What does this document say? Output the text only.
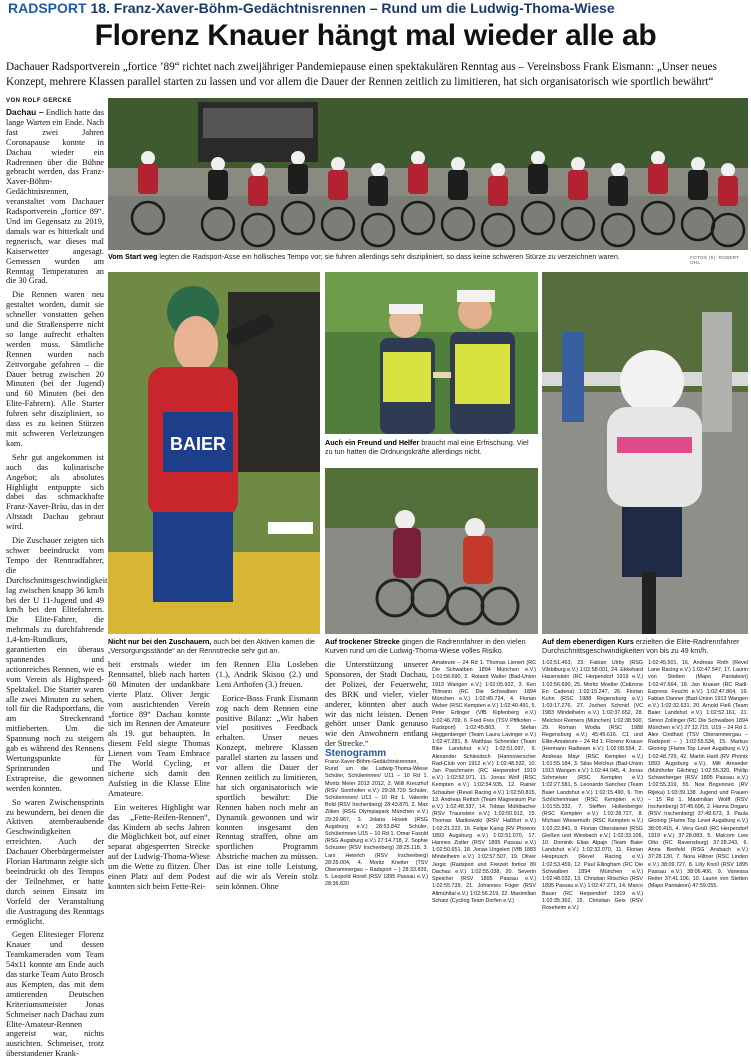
RADSPORT 18. Franz-Xaver-Böhm-Gedächtnisrennen – Rund um die Ludwig-Thoma-Wiese
Florenz Knauer hängt mal wieder alle ab
Dachauer Radsportverein „fortice ’89“ richtet nach zweijähriger Pandemiepause einen spektakulären Renntag aus – Vereinsboss Frank Eismann: „Unser neues Konzept, mehrere Klassen parallel starten zu lassen und vor allem die Dauer der Rennen zeitlich zu limitieren, hat sich organisatorisch wie sportlich bewährt“
VON ROLF GERCKE

Dachau – Endlich hatte das lange Warten ein Ende. Nach fast zwei Jahren Coronapause konnte in Dachau wieder ein Radrennen über die Bühne gebracht werden, das Franz-Xaver-Böhm-Gedächtnisrennen, veranstaltet vom Dachauer Radsportverein „fortice 89“. Und im Gegensatz zu 2019, damals war es bitterkalt und regnerisch, war dieses mal Kaiserwetter angesagt. Gemessen wurden am Renntag Temperaturen an die 30 Grad.

Die Rennen waren neu gestaltet worden, damit sie schneller vonstatten gehen und die Straßensperre nicht so lange aufrecht erhalten werden muss. Sämtliche Rennen wurden nach Zeitvorgabe gefahren – die Dauer betrug zwischen 20 Minuten (bei der Jugend) und 60 Minuten (bei den Elite-Fahrern). Alle Starter fuhren sehr diszipliniert, so dass es zu keinen Stürzen mit schweren Verletzungen kam.

Sehr gut angekommen ist auch das kulinarische Angebot; als absolutes Highlight entpuppte sich dabei das schmackhafte Franz-Xaver-Bräu, das in der Altstadt Dachau gebraut wird.

Die Zuschauer zeigten sich schwer beeindruckt vom Tempo der Rennradfahrer, die Durchschnittsgeschwindigkeit lag zwischen knapp 36 km/h bei der U 11-Jugend und 49 km/h bei den Elitefahrern. Die Elite-Fahrer, die mehrmals zu durchfahrende 1,4-km-Rundkurs, garantierten ein überaus spannendes und actionreiches Rennen, wie es vom Verein als Highspeed-Spektakel. Die Starter waren alle zwei Minuten zu sehen, toll für die Radsportfans, die am Streckenrand mitfieberten. Um die Spannung noch zu steigern gab es während des Rennens Wertungspunkte für Sprintrunden und Extrapreise, die gewonnen werden konnten.

So waren Zwischensprints zu bewundern, bei denen die Aktiven atemberaubende Geschwindigkeiten erreichten. Auch der Dachauer Oberbürgermeister Florian Hartmann zeigte sich beeindruckt ob des Tempos der Teilnehmer, er hatte durch seinen Einsatz im Vorfeld der Veranstaltung die Austragung des Renntags ermöglicht.

Gegen Elitesieger Florenz Knauer und dessen Teamkameraden vom Team 54x11 konnte am Ende auch das starke Team Auto Brosch aus Kempten, das mit dem amtierenden Deutschen Kriteriumsmeister Jonas Schmeiser nach Dachau zum Elite-Amateur-Rennen angereist war, nichts ausrichten. Schmeiser, trotz überstandener Krank-

Vom Start weg legten die Radsport-Asse ein höllisches Tempo vor; sie fuhren allerdings sehr diszipliniert, so dass keine schweren Stürze zu verzeichnen waren.	FOTOS (5): ROBERT OHL
BAIER
Nicht nur bei den Zuschauern, auch bei den Aktiven kamen die „Versorgungsstände“ an der Rennstrecke sehr gut an.
Auch ein Freund und Helfer braucht mal eine Erfrischung. Viel zu tun hatten die Ordnungskräfte allerdings nicht.
Auf trockener Strecke gingen die Radrennfahrer in den vielen Kurven rund um die Ludwig-Thoma-Wiese volles Risiko.
Auf dem ebenerdigen Kurs erzielten die Elite-Radrennfahrer Durchschnittsgeschwindigkeiten von bis zu 49 km/h.

heit erstmals wieder im Rennsattel, blieb nach harten 60 Minuten der undankbare vierte Platz. Oliver Jergic vom ausrichtenden Verein „fortice 89“ Dachau konnte sich im Rennen der Amateure als 19. gut behaupten. In diesem Feld siegte Thomas Lienert vom Team Embrace The World Cycling, er sicherte sich damit den Aufstieg in die Klasse Elite Amateure.

Ein weiteres Highlight war das „Fette-Reifen-Rennen“, das Kindern ab sechs Jahren die Möglichkeit bot, auf einer separat abgesperrten Strecke auf der Ludwig-Thoma-Wiese um die Wette zu flitzen. Über einen Platz auf dem Podest konnten sich beim Fette-Rei-

fen Rennen Elia Losleben (1.), Andrik Skisou (2.) und Leni Arthofen (3.) freuen.

Eorice-Boss Frank Eismann zog nach dem Rennen eine positive Bilanz: „Wir haben viel positives Feedback erhalten. Unser neues Konzept, mehrere Klassen parallel starten zu lassen und vor allem die Dauer der Rennen zeitlich zu limitieren, hat sich organisatorisch wie sportlich bewährt: Die Rennen haben noch mehr an Dynamik gewonnen und wir konnten insgesamt den Renntag straffen, ohne am sportlichen Programm Abstriche machen zu müssen. Das ist eine tolle Leistung, auf die wir als Verein stolz sein können. Ohne

die Unterstützung unserer Sponsoren, der Stadt Dachau, der Polizei, der Feuerwehr, des BRK und vieler, vieler anderer, könnten aber auch wir das nicht leisten. Denen gehört unser Dank genauso wie den Anwohnern entlang der Strecke.“
Stenogramm
Franz-Xaver-Böhm-Gedächtnisrennen, Rund um die Ludwig-Thoma-Wiese Schüler, Schülerinnen/ U11 – 10 Rd 1. Moritz Meier 2013 2012, 2. Willi Kreuzhuf (RSV Sonthofen e.V.) 29:28.729 Schüler, Schülerinnen/ U13 – 10 Rd 1. Valentin Bold (RSV Irschenberg) 28:43.870, 2. Max Zilken (RSG Olympiapark München e.V.) 29:29.967, 3. Jolana Hosek (RSG Augsburg e.V.) 28:53.842 Schüler, Schülerinnen U15 – 10 Rd 1. Omar Fasold (RSG Augsburg e.V.) 27:14.718, 2. Sophie Schuster (RSV Irschenberg) 28:25.118, 3. Lars Heinrich (RSV Irschenberg) 28:25.004, 4. Moritz Kneiter (TSV Oberammergau – Radsport – ) 28:33.839, 5. Leopold Horell (RSV 1895 Passau e.V.) 28:36.820
Amateure – 24 Rd 1. Thomas Lienert (RC Die Schwalben 1894 München e.V.) 1:01:58.690, 2. Roland Walter (Bad-Union 1913 Wangen e.V.) 1:02:05.922, 3. Ken Tillmann (RC Die Schwalben 1894 München e.V.) 1:02:45.724, 4. Florian Weber (RSC Kempten e.V.) 1:02:40.491, 5. Peter Ertinger (VfB Kipfenberg e.V.) 1:02:46.709, 6. Fred Fres (TSV Pfifkofen – Radsport) 1:02:45.863, 7. Stefan Heggenberger (Team Laura Lavinger e.V.) 1:02:47.281, 8. Matthias Schneider (Team Bike Landshut e.V.) 1:02:51.097, 9. Alexander Schlesitsch (Hannoverscher Rad-Club von 1912 e.V.) 1:02:48.532, 10. Jan Paschmann (RC Herpendorf 1919 e.V.) 1:02:52.971, 11. Jonas Wolf (RSC Kempten e.V.) 1:02:54.935, 12. Rainer Schauber (Revel Racing e.V.) 1:02:50.815, 13. Andreas Rettich (Team Magnesium Pur e.V.) 1:02:48.337, 14. Tobias Mühlbacher (RSV Traunstein e.V.) 1:02:50.912, 15. Thomas Marikowski (RSV Haßfurt e.V.) 1:02:21.222, 16. Felipe Kanig (RV Phoenix 1893 Augsburg e.V.) 1:02:51.070, 17. Hannes Zistler (RSV 1895 Passau e.V.) 1:02:50.651, 18. Jonas Ungelert (VfB 1883 Mindelheim e.V.) 1:02:57.507, 19. Oliver Jergic (Radsport und Freizeit fortice 89 Dachau e.V.) 1:02:55.038, 20. Severin Speicher (RSV 1895 Passau e.V.) 1:02:55.739, 21. Johannes Föger (RSV Altmühltal e.V.) 1:02:56.219, 22. Maximilian Schatz (Cycling Team Dorfen e.V.)
1:02:51.463, 23. Fabian Ulrby (RSG Vilsbiburg e.V.) 1:02:58.001, 24. Ekkehard Hauenstein (RC Herpendorf 1919 e.V.) 1:02:56.690, 25. Moritz Moeller (Cidizone En Cadena) 1:02:15.247, 26. Florian Kuhn (RSC 1988 Regensburg e.V.) 1:03:17.276, 27. Jochen Schmid (VC 1983 Mindelheim e.V.) 1:02:37.652, 28. Melchior Reimers (München) 1:02:38.500, 29. Roman Wodla (RSC 1988 Regensburg e.V.) 45:45.616. C1 und Elite-Amateure – 24 Rd 1. Florenz Knauer (Hermann Radteam e.V.) 1:02:08.554, 2. Andreas Mayr (RSC Kempten e.V.) 1:01:55.184, 3. Silas Melchus (Bad-Union 1913 Wangen e.V.) 1:02:44.045, 4. Jonas Schmeiser (RSC Kempten e.V.) 1:02:27.581, 5. Leonardo Sanchez (Team Baier Landshut e.V.) 1:02:15.490, 6. Tim Schlichenmaier (RSC Kempten e.V.) 1:01:55.332, 7. Steffen Hollenberger (RSC Kempten e.V.) 1:02:28.727, 8. Michael Wiesemuth (RSC Kempten e.V.) 1:02:22.841, 9. Florian Oberstainer (RSG Gießen und Wiesbach e.V.) 1:02:33.106, 10. Dominik Elias Alpajn (Team Baier Landshut e.V.) 1:02:32.070, 11. Florian Hesprusch (Revel Racing e.V.) 1:02:53.459, 12. Paul Ellingham (RC Die Schwalben 1894 München e.V.) 1:02:48.032, 13. Christian Ritschko (RSV 1895 Passau e.V.) 1:02:47.271, 14. Marco Bauer (RC Herpendorf 1919 e.V.) 1:02:35.362, 15. Christian Geis (RSV Roseheim e.V.)
1:02:45.501, 16. Andreas Roth (Revel Lane Racing e.V.) 1:02:47.547, 17. Laurin von Stetten (Mapo Pantaleon) 1:02:47.664, 18. Jan Knauer (RC Radl-Express Feucht e.V.) 1:02:47.864, 19. Fabian Danner (Bad-Union 1913 Wangen e.V.) 1:02:32.631, 20. Arnold Fieß (Team Baier Landshut e.V.) 1:02:52.161, 21. Simon Zollinger (RC Die Schwalben 1894 München e.V.) 27:12.715. U19 – 24 Rd 1. Alex Cindhart (TSV Oberammergau – Radsport – ) 1:02:55.534, 15. Markus Gloning (Flame.Top Level Augsburg e.V.) 1:02:48.729, 42. Martin Hartl (RV Phönix 1893 Augsburg e.V.), Milt Arnseder (Mühlhofer Gilching) 1:02:55.320, Phillip Schwerberger (RSV 1895 Passau e.V.) 1:02:55.319, 55. Noa Bogunovic (RV Rijeka) 1:03:39.138. Jugend und Frauen – 15 Rd 1. Maximilian Wolff (RSV Irschenberg) 37:45.696, 2. Hanna Dogaru (RSV Irschenberg) 37:49.673, 3. Paula Gloning (Flame.Top Level Augsburg e.V.) 38:05.415, 4. Vera Groß (RC Herpendorf 1919 e.V.) 37:28.083, 5. Malcom Lew Otto (RC Ravensburg) 37:28.243, 6. Anna Benfeld (RSG Ansbach e.V.) 37:28.130, 7. Nora Hiltner (RSC Linden e.V.) 38:09.727, 8. Lilly Knoll (RSV 1895 Passau e.V.) 38:06.406, 9. Vanessa Reiter 37:41.106, 10. Laurin von Stetten (Mapo Pantaleon) 47:59.055.
